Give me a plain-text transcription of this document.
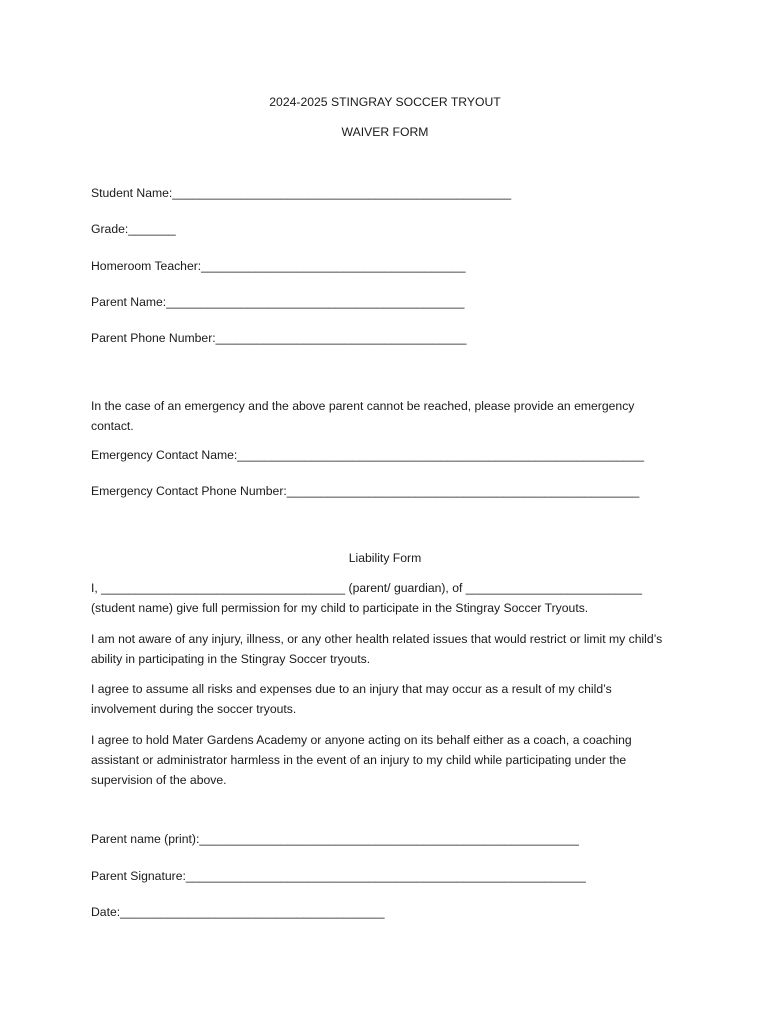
2024-2025 STINGRAY SOCCER TRYOUT
WAIVER FORM
Student Name:__________________________________________________
Grade:_______
Homeroom Teacher:_______________________________________
Parent Name:____________________________________________
Parent Phone Number:_____________________________________
In the case of an emergency and the above parent cannot be reached, please provide an emergency contact.
Emergency Contact Name:____________________________________________________________
Emergency Contact Phone Number:____________________________________________________
Liability Form
I, ____________________________________ (parent/ guardian), of __________________________
(student name) give full permission for my child to participate in the Stingray Soccer Tryouts.
I am not aware of any injury, illness, or any other health related issues that would restrict or limit my child’s ability in participating in the Stingray Soccer tryouts.
I agree to assume all risks and expenses due to an injury that may occur as a result of my child’s involvement during the soccer tryouts.
I agree to hold Mater Gardens Academy or anyone acting on its behalf either as a coach, a coaching assistant or administrator harmless in the event of an injury to my child while participating under the supervision of the above.
Parent name (print):________________________________________________________
Parent Signature:___________________________________________________________
Date:_______________________________________
